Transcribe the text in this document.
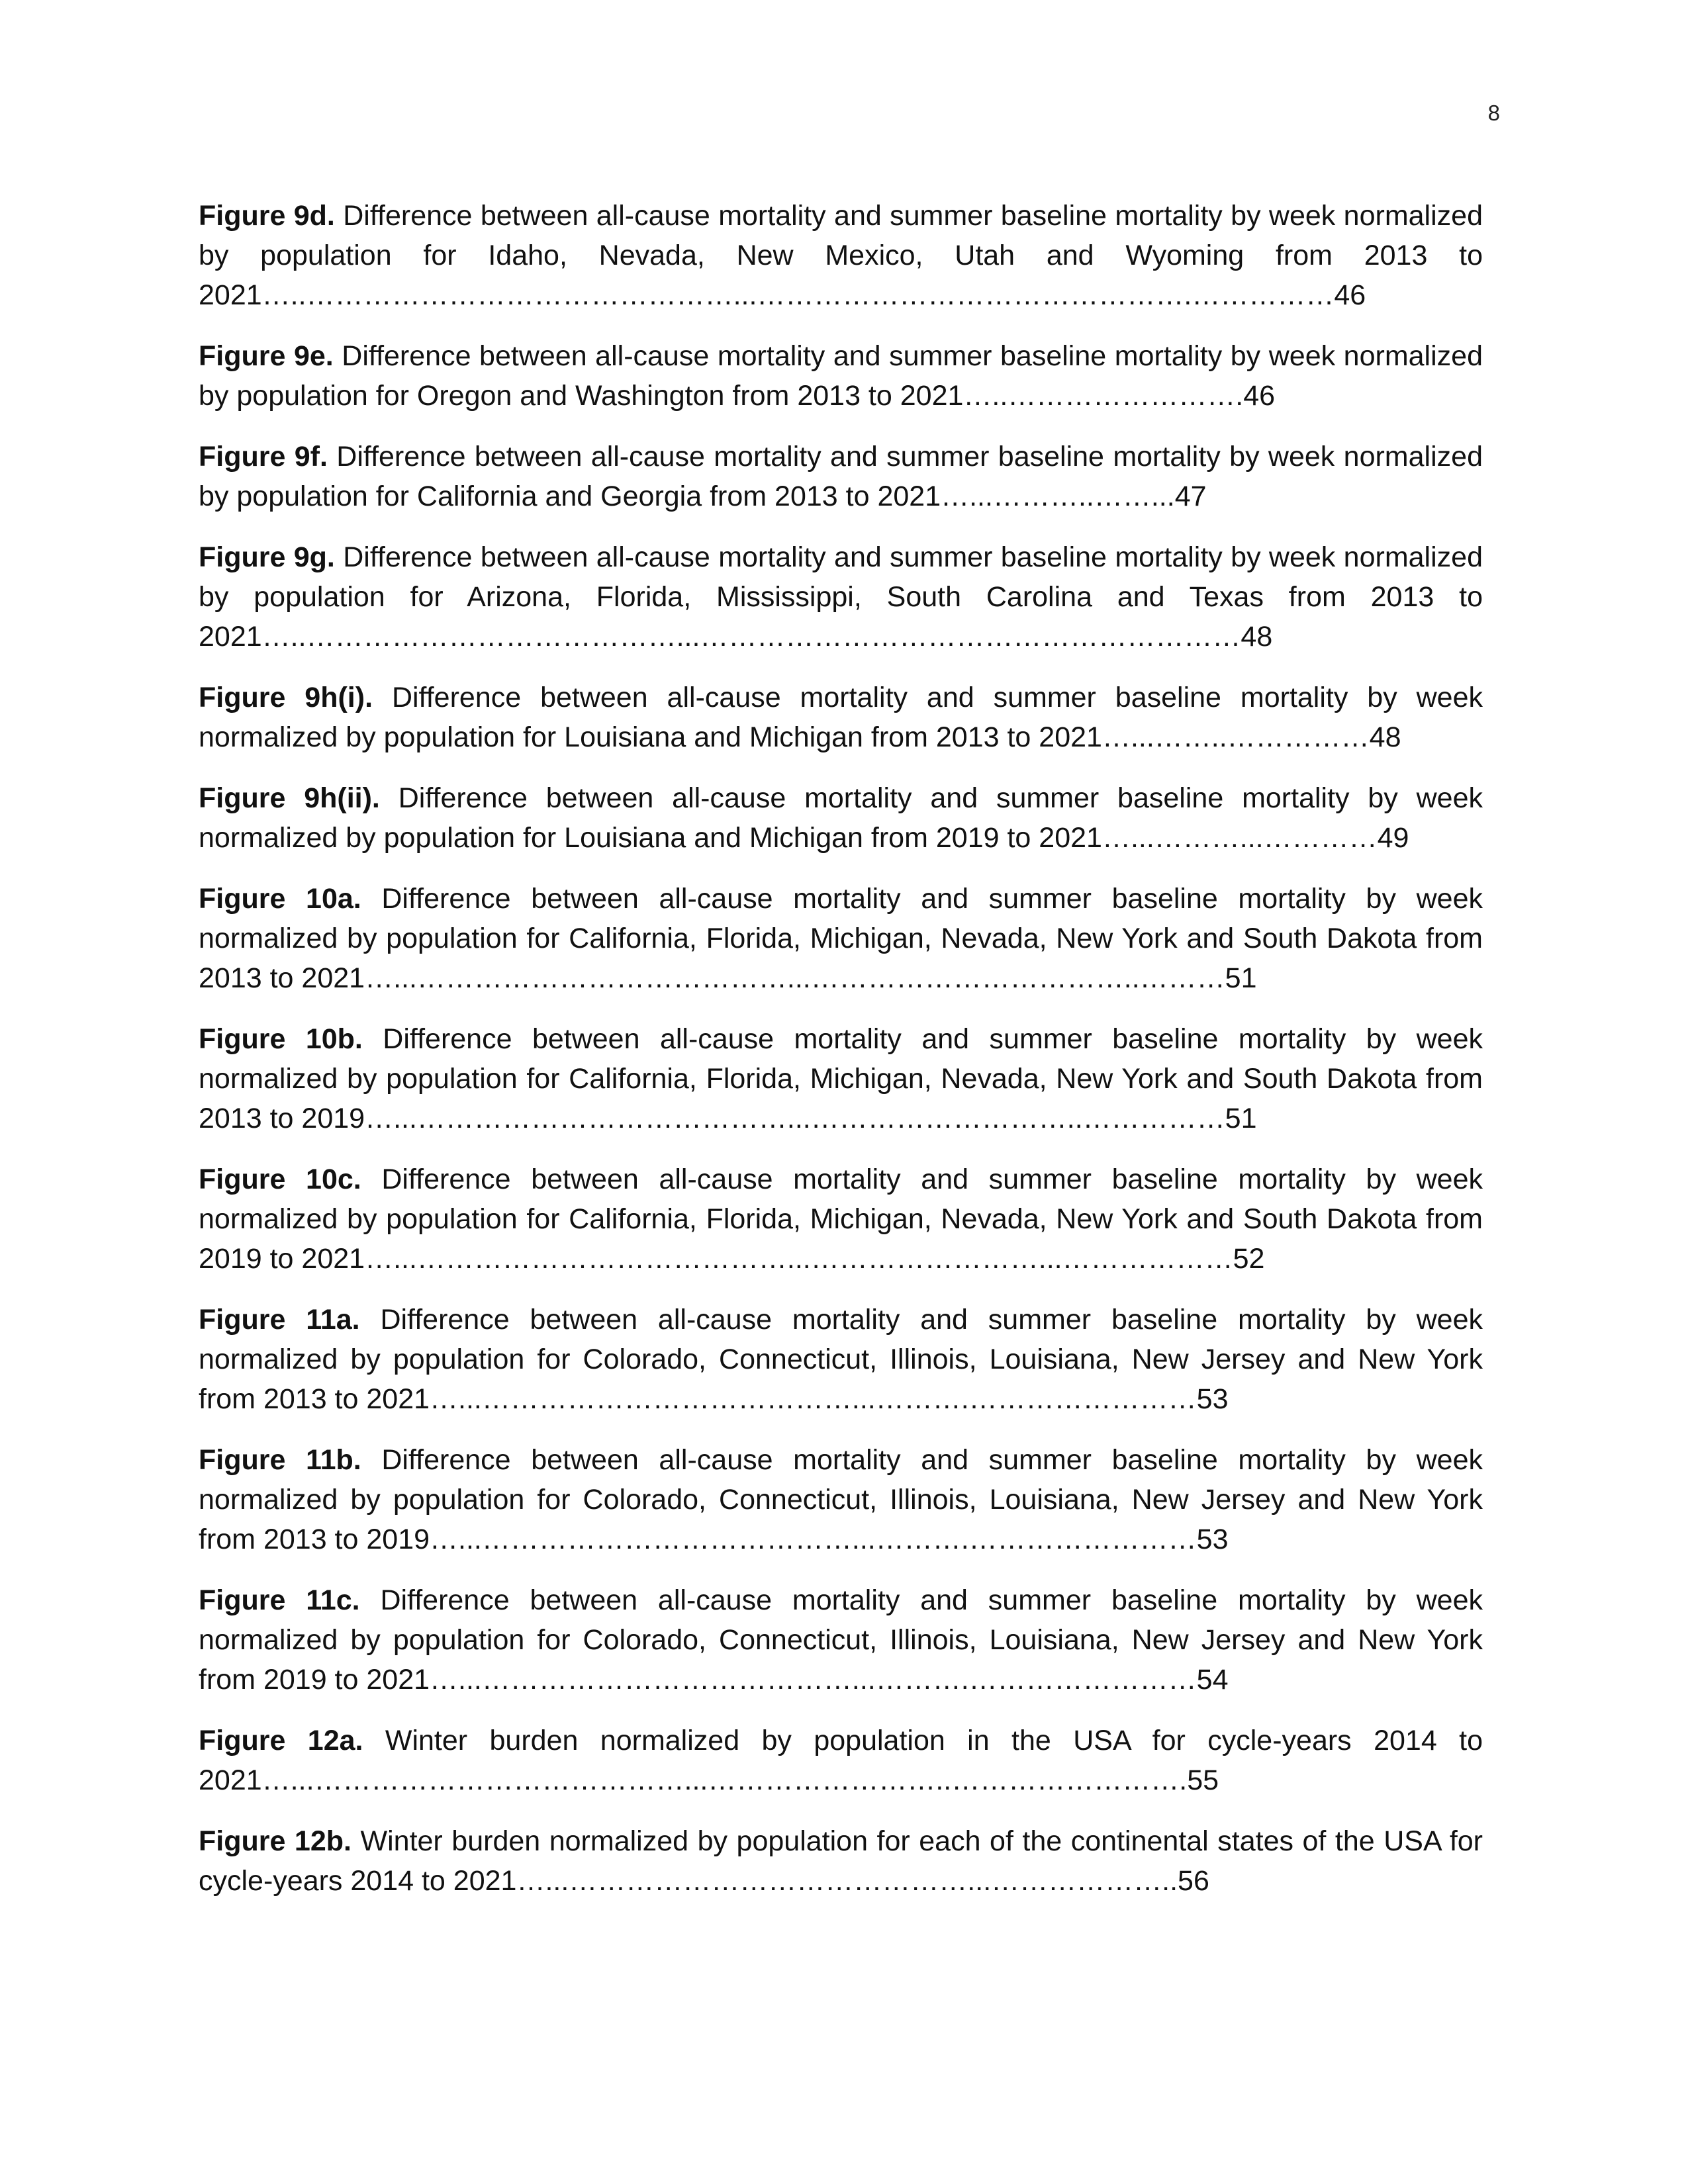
8

Figure 9d. Difference between all-cause mortality and summer baseline mortality by week normalized by population for Idaho, Nevada, New Mexico, Utah and Wyoming from 2013 to 2021…..………………………………………...……………………………………….……………46

Figure 9e. Difference between all-cause mortality and summer baseline mortality by week normalized by population for Oregon and Washington from 2013 to 2021…..…………………….46

Figure 9f. Difference between all-cause mortality and summer baseline mortality by week normalized by population for California and Georgia from 2013 to 2021…...………..……...47

Figure 9g. Difference between all-cause mortality and summer baseline mortality by week normalized by population for Arizona, Florida, Mississippi, South Carolina and Texas from 2013 to 2021…..…………………………………...…………………………………………………48

Figure 9h(i). Difference between all-cause mortality and summer baseline mortality by week normalized by population for Louisiana and Michigan from 2013 to 2021…...……..……………48

Figure 9h(ii). Difference between all-cause mortality and summer baseline mortality by week normalized by population for Louisiana and Michigan from 2019 to 2021…...………...…………49

Figure 10a. Difference between all-cause mortality and summer baseline mortality by week normalized by population for California, Florida, Michigan, Nevada, New York and South Dakota from 2013 to 2021…...…………………………………...……………………………..………51

Figure 10b. Difference between all-cause mortality and summer baseline mortality by week normalized by population for California, Florida, Michigan, Nevada, New York and South Dakota from 2013 to 2019…...…………………………………...………………………..……………51

Figure 10c. Difference between all-cause mortality and summer baseline mortality by week normalized by population for California, Florida, Michigan, Nevada, New York and South Dakota from 2019 to 2021…...…………………………………...……………………...………………52

Figure 11a. Difference between all-cause mortality and summer baseline mortality by week normalized by population for Colorado, Connecticut, Illinois, Louisiana, New Jersey and New York from 2013 to 2021…...…………………………………...……….……………………53

Figure 11b. Difference between all-cause mortality and summer baseline mortality by week normalized by population for Colorado, Connecticut, Illinois, Louisiana, New Jersey and New York from 2013 to 2019…...…………………………………...……….……………………53

Figure 11c. Difference between all-cause mortality and summer baseline mortality by week normalized by population for Colorado, Connecticut, Illinois, Louisiana, New Jersey and New York from 2019 to 2021…...…………………………………...……….……………………54

Figure 12a. Winter burden normalized by population in the USA for cycle-years 2014 to 2021…...…………………………………...……………………..…………………….55

Figure 12b. Winter burden normalized by population for each of the continental states of the USA for cycle-years 2014 to 2021…...……………………………………...………………..56
